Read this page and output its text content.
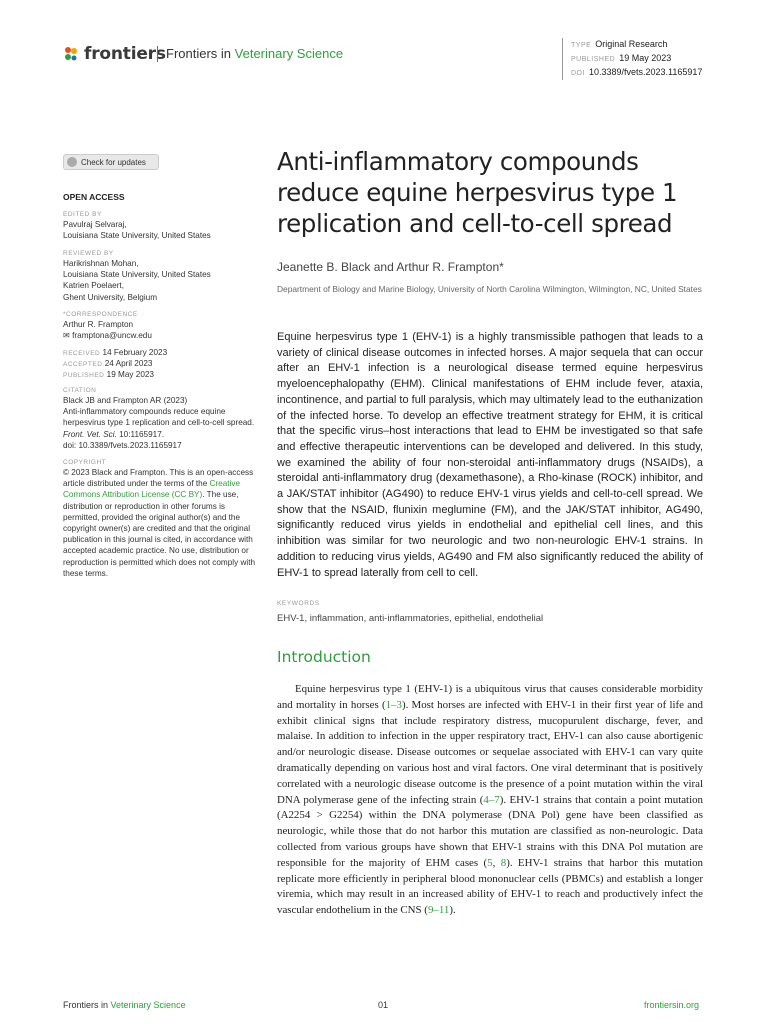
frontiers Frontiers in Veterinary Science
TYPE Original Research
PUBLISHED 19 May 2023
DOI 10.3389/fvets.2023.1165917
Check for updates
OPEN ACCESS
EDITED BY
Pavulraj Selvaraj,
Louisiana State University, United States
REVIEWED BY
Harikrishnan Mohan,
Louisiana State University, United States
Katrien Poelaert,
Ghent University, Belgium
*CORRESPONDENCE
Arthur R. Frampton
✉ framptona@uncw.edu
RECEIVED 14 February 2023
ACCEPTED 24 April 2023
PUBLISHED 19 May 2023
CITATION
Black JB and Frampton AR (2023)
Anti-inflammatory compounds reduce equine herpesvirus type 1 replication and cell-to-cell spread. Front. Vet. Sci. 10:1165917.
doi: 10.3389/fvets.2023.1165917
COPYRIGHT
© 2023 Black and Frampton. This is an open-access article distributed under the terms of the Creative Commons Attribution License (CC BY). The use, distribution or reproduction in other forums is permitted, provided the original author(s) and the copyright owner(s) are credited and that the original publication in this journal is cited, in accordance with accepted academic practice. No use, distribution or reproduction is permitted which does not comply with these terms.
Anti-inflammatory compounds reduce equine herpesvirus type 1 replication and cell-to-cell spread
Jeanette B. Black and Arthur R. Frampton*
Department of Biology and Marine Biology, University of North Carolina Wilmington, Wilmington, NC, United States
Equine herpesvirus type 1 (EHV-1) is a highly transmissible pathogen that leads to a variety of clinical disease outcomes in infected horses. A major sequela that can occur after an EHV-1 infection is a neurological disease termed equine herpesvirus myeloencephalopathy (EHM). Clinical manifestations of EHM include fever, ataxia, incontinence, and partial to full paralysis, which may ultimately lead to the euthanization of the infected horse. To develop an effective treatment strategy for EHM, it is critical that the specific virus–host interactions that lead to EHM be investigated so that safe and effective therapeutic interventions can be developed and delivered. In this study, we examined the ability of four non-steroidal anti-inflammatory drugs (NSAIDs), a steroidal anti-inflammatory drug (dexamethasone), a Rho-kinase (ROCK) inhibitor, and a JAK/STAT inhibitor (AG490) to reduce EHV-1 virus yields and cell-to-cell spread. We show that the NSAID, flunixin meglumine (FM), and the JAK/STAT inhibitor, AG490, significantly reduced virus yields in endothelial and epithelial cell lines, and this inhibition was similar for two neurologic and two non-neurologic EHV-1 strains. In addition to reducing virus yields, AG490 and FM also significantly reduced the ability of EHV-1 to spread laterally from cell to cell.
KEYWORDS
EHV-1, inflammation, anti-inflammatories, epithelial, endothelial
Introduction

Equine herpesvirus type 1 (EHV-1) is a ubiquitous virus that causes considerable morbidity and mortality in horses (1–3). Most horses are infected with EHV-1 in their first year of life and exhibit clinical signs that include respiratory distress, mucopurulent discharge, fever, and malaise. In addition to infection in the upper respiratory tract, EHV-1 can also cause abortigenic and/or neurologic disease. Disease outcomes or sequelae associated with EHV-1 can vary quite dramatically depending on various host and viral factors. One viral determinant that is positively correlated with a neurologic disease outcome is the presence of a point mutation within the viral DNA polymerase gene of the infecting strain (4–7). EHV-1 strains that contain a point mutation (A2254 > G2254) within the DNA polymerase (DNA Pol) gene have been classified as neurologic, while those that do not harbor this mutation are classified as non-neurologic. Data collected from various groups have shown that EHV-1 strains with this DNA Pol mutation are responsible for the majority of EHM cases (5, 8). EHV-1 strains that harbor this mutation replicate more efficiently in peripheral blood mononuclear cells (PBMCs) and establish a longer viremia, which may result in an increased ability of EHV-1 to reach and productively infect the vascular endothelium in the CNS (9–11).

Frontiers in Veterinary Science	01	frontiersin.org
